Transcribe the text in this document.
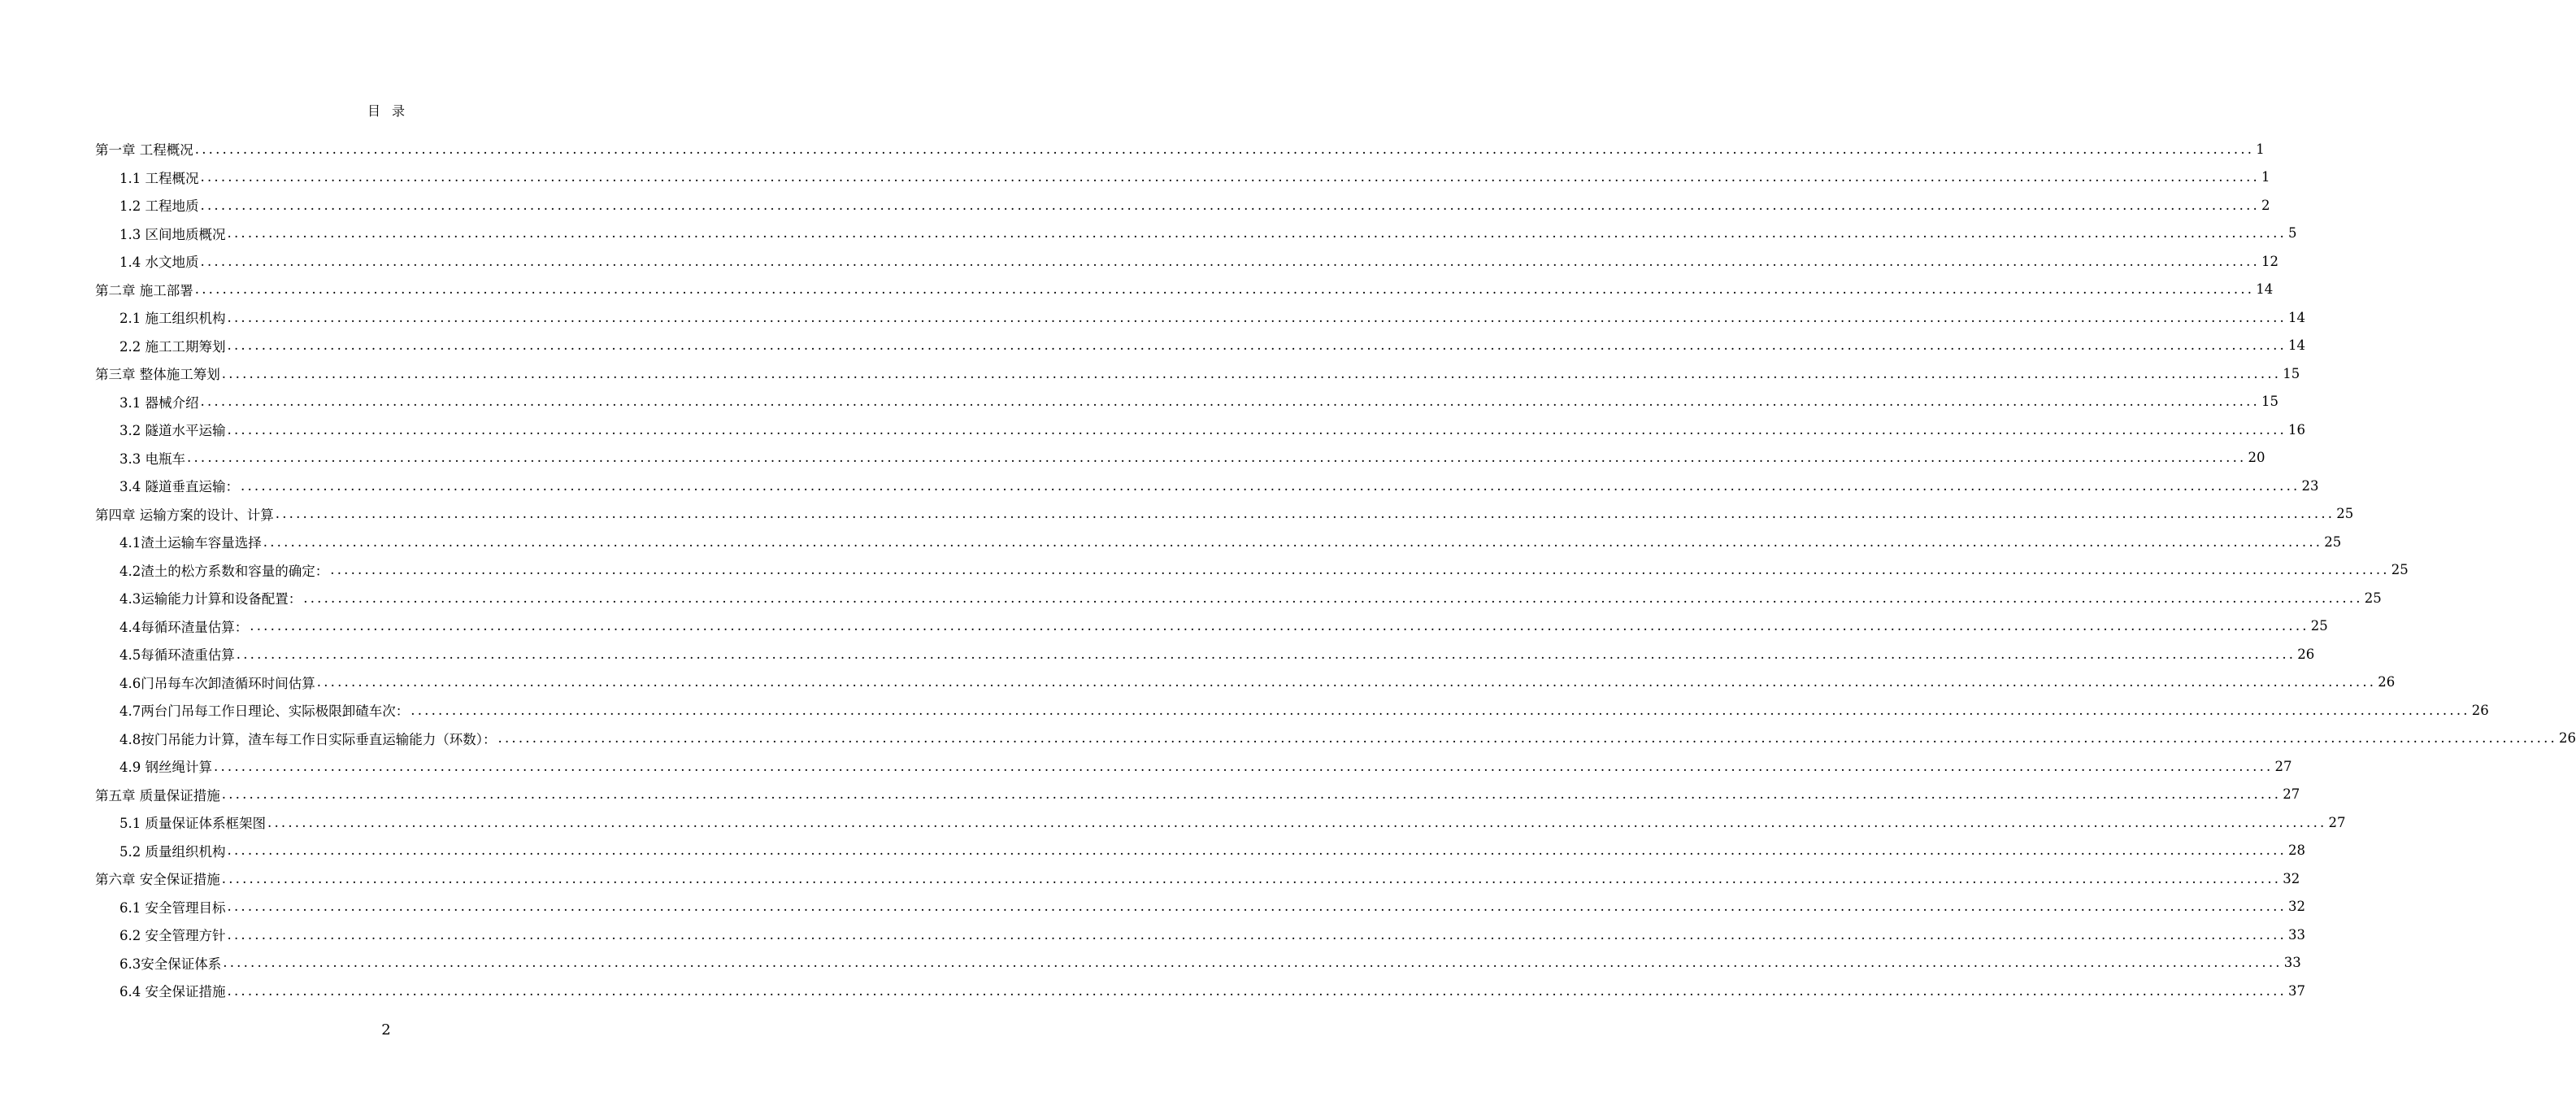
目录
第一章 工程概况 ............................................................................................................................................................................................................................................................................................................ 1
1.1 工程概况 ............................................................................................................................................................................................................................................................................................................ 1
1.2 工程地质 ............................................................................................................................................................................................................................................................................................................ 2
1.3 区间地质概况 ............................................................................................................................................................................................................................................................................................................ 5
1.4 水文地质 ............................................................................................................................................................................................................................................................................................................ 12
第二章 施工部署 ............................................................................................................................................................................................................................................................................................................ 14
2.1 施工组织机构 ............................................................................................................................................................................................................................................................................................................ 14
2.2 施工工期筹划 ............................................................................................................................................................................................................................................................................................................ 14
第三章 整体施工筹划 ............................................................................................................................................................................................................................................................................................................ 15
3.1 器械介绍 ............................................................................................................................................................................................................................................................................................................ 15
3.2 隧道水平运输 ............................................................................................................................................................................................................................................................................................................ 16
3.3 电瓶车 ............................................................................................................................................................................................................................................................................................................ 20
3.4 隧道垂直运输： ............................................................................................................................................................................................................................................................................................................ 23
第四章 运输方案的设计、计算 ............................................................................................................................................................................................................................................................................................................ 25
4.1渣土运输车容量选择 ............................................................................................................................................................................................................................................................................................................ 25
4.2渣土的松方系数和容量的确定： ............................................................................................................................................................................................................................................................................................................ 25
4.3运输能力计算和设备配置： ............................................................................................................................................................................................................................................................................................................ 25
4.4每循环渣量估算： ............................................................................................................................................................................................................................................................................................................ 25
4.5每循环渣重估算 ............................................................................................................................................................................................................................................................................................................ 26
4.6门吊每车次卸渣循环时间估算 ............................................................................................................................................................................................................................................................................................................ 26
4.7两台门吊每工作日理论、实际极限卸碴车次： ............................................................................................................................................................................................................................................................................................................ 26
4.8按门吊能力计算，渣车每工作日实际垂直运输能力（环数）： ............................................................................................................................................................................................................................................................................................................ 26
4.9 钢丝绳计算 ............................................................................................................................................................................................................................................................................................................ 27
第五章 质量保证措施 ............................................................................................................................................................................................................................................................................................................ 27
5.1 质量保证体系框架图 ............................................................................................................................................................................................................................................................................................................ 27
5.2 质量组织机构 ............................................................................................................................................................................................................................................................................................................ 28
第六章 安全保证措施 ............................................................................................................................................................................................................................................................................................................ 32
6.1 安全管理目标 ............................................................................................................................................................................................................................................................................................................ 32
6.2 安全管理方针 ............................................................................................................................................................................................................................................................................................................ 33
6.3安全保证体系 ............................................................................................................................................................................................................................................................................................................ 33
6.4 安全保证措施 ............................................................................................................................................................................................................................................................................................................ 37
2
